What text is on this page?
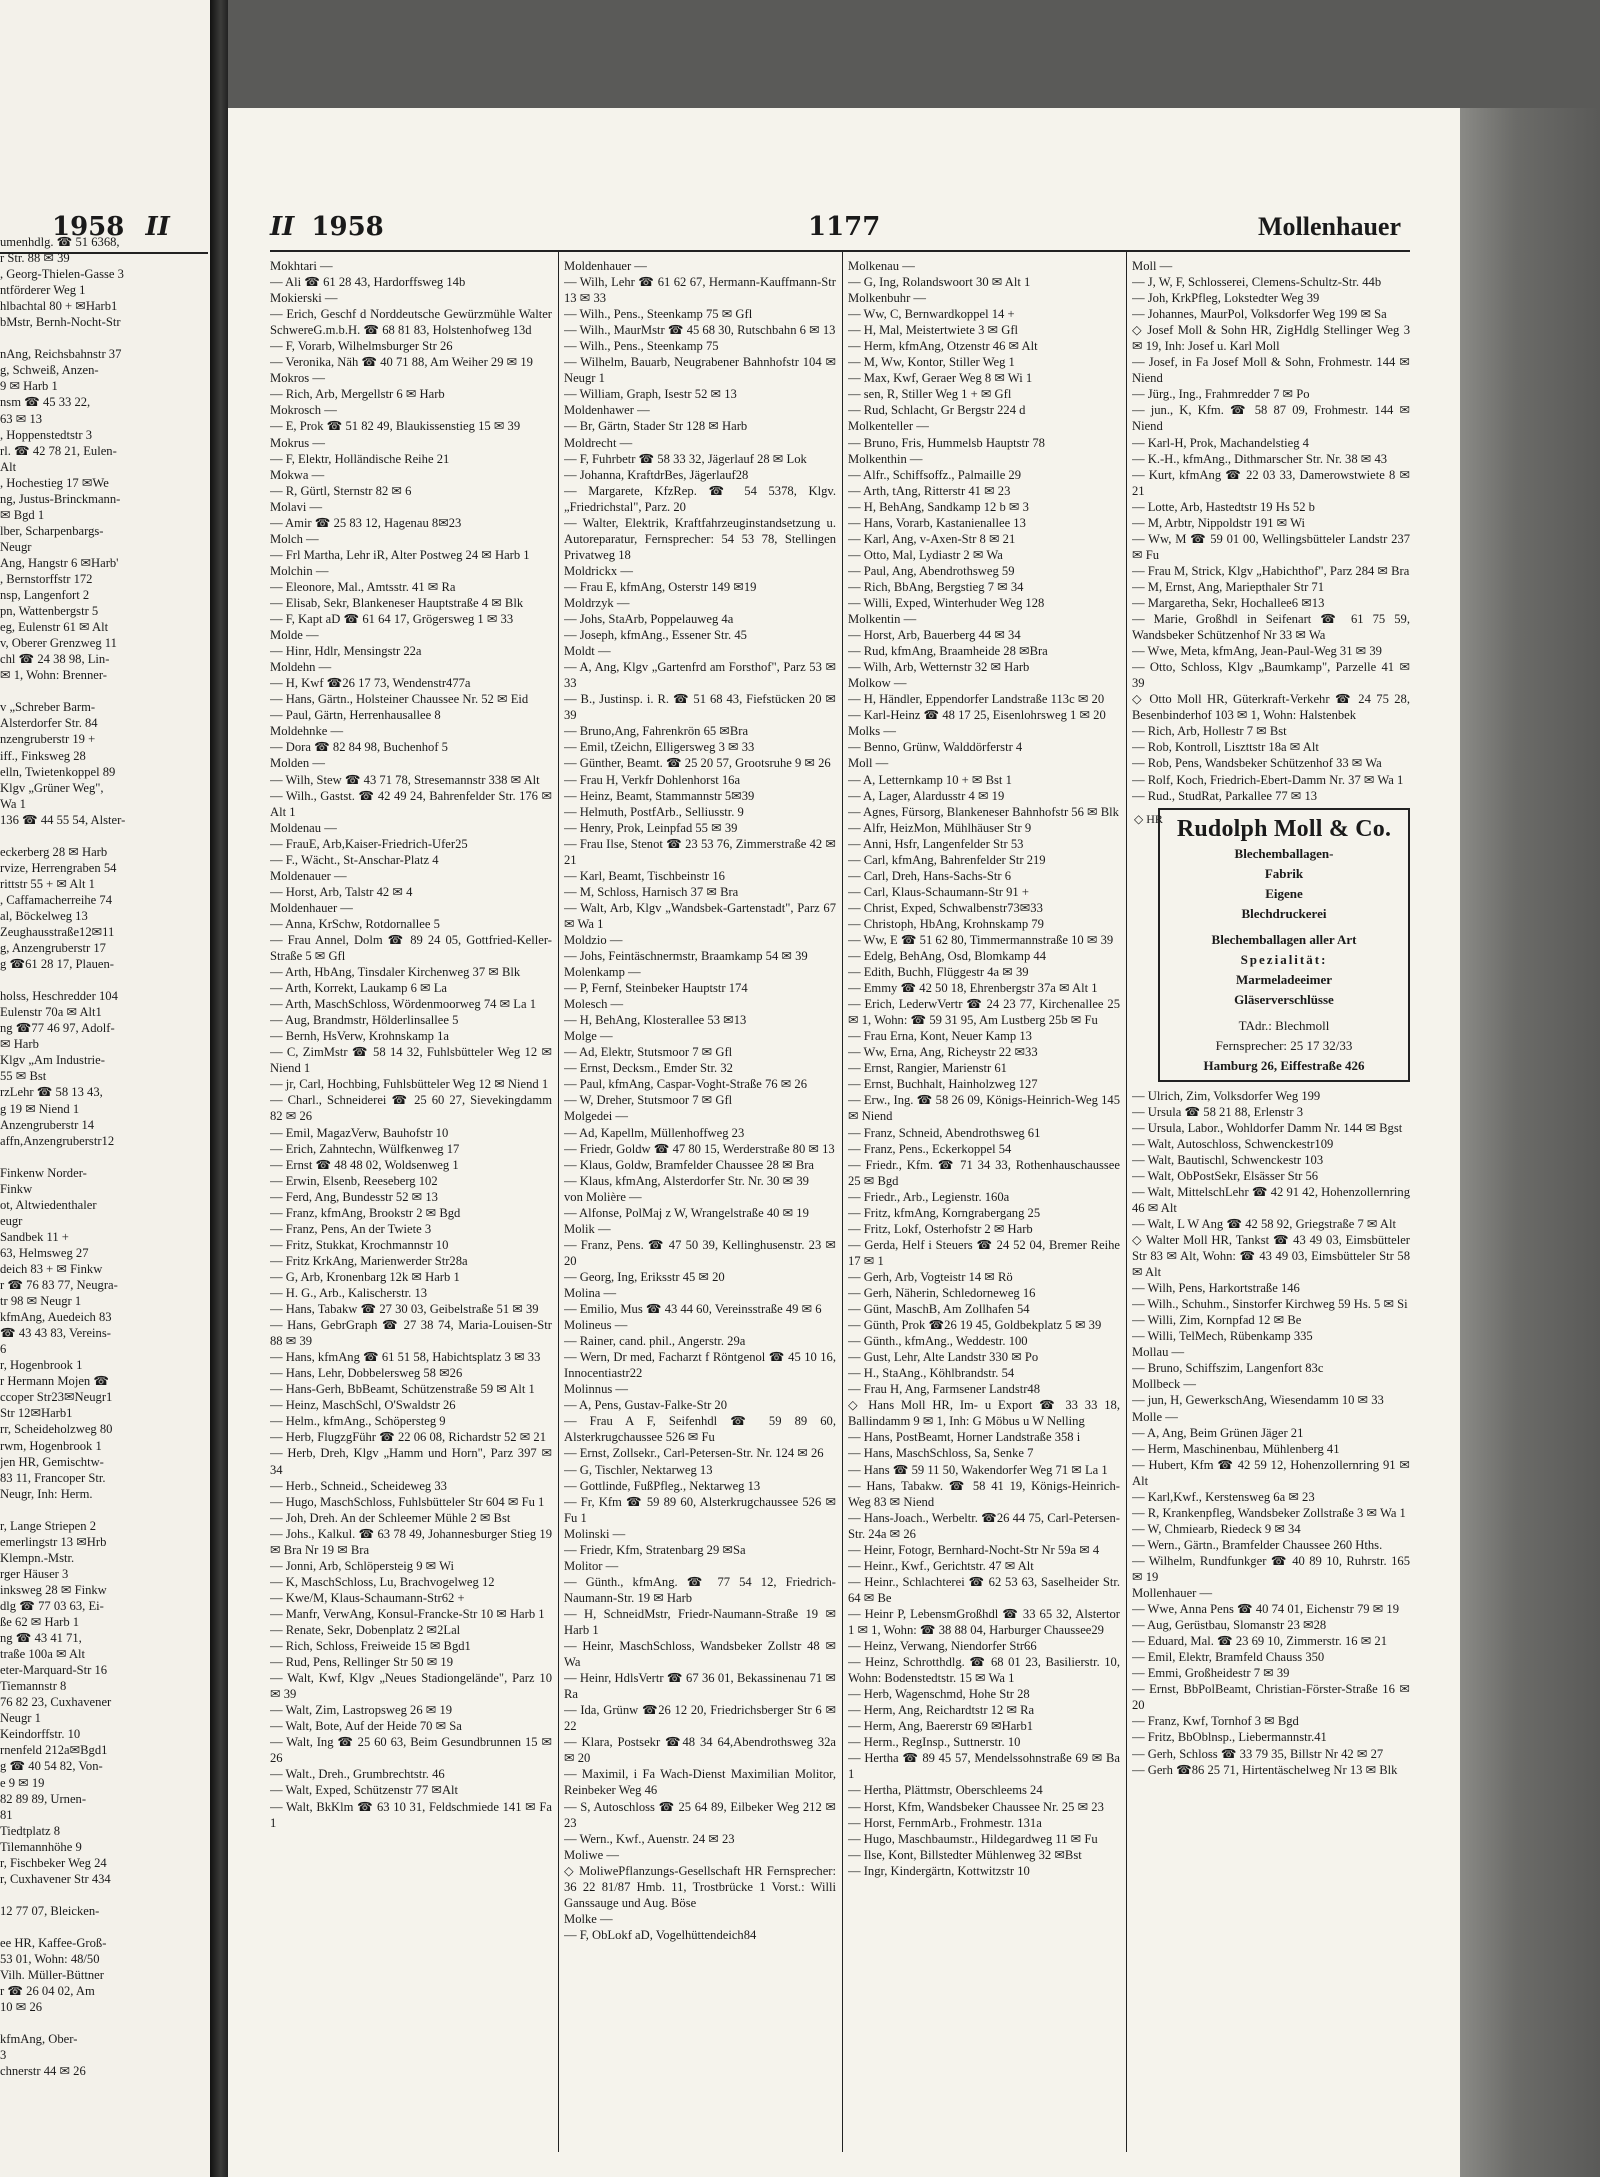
1958 II
umenhdlg. ☎ 51 6368,
r Str. 88 ✉ 39
, Georg-Thielen-Gasse 3
ntförderer Weg 1
hlbachtal 80 + ✉Harb1
bMstr, Bernh-Nocht-Str

nAng, Reichsbahnstr 37
g, Schweiß, Anzen-
9 ✉ Harb 1
nsm ☎ 45 33 22,
63 ✉ 13
, Hoppenstedtstr 3
rl. ☎ 42 78 21, Eulen-
Alt
, Hochestieg 17 ✉We
ng, Justus-Brinckmann-
✉ Bgd 1
lber, Scharpenbargs-
Neugr
Ang, Hangstr 6 ✉Harb'
, Bernstorffstr 172
nsp, Langenfort 2
pn, Wattenbergstr 5
eg, Eulenstr 61 ✉ Alt
v, Oberer Grenzweg 11
chl ☎ 24 38 98, Lin-
✉ 1, Wohn: Brenner-

v „Schreber Barm-
Alsterdorfer Str. 84
nzengruberstr 19 +
iff., Finksweg 28
elln, Twietenkoppel 89
Klgv „Grüner Weg",
Wa 1
136 ☎ 44 55 54, Alster-

eckerberg 28 ✉ Harb
rvize, Herrengraben 54
rittstr 55 + ✉ Alt 1
, Caffamacherreihe 74
al, Böckelweg 13
Zeughausstraße12✉11
g, Anzengruberstr 17
g ☎61 28 17, Plauen-

holss, Heschredder 104
Eulenstr 70a ✉ Alt1
ng ☎77 46 97, Adolf-
✉ Harb
Klgv „Am Industrie-
55 ✉ Bst
rzLehr ☎ 58 13 43,
g 19 ✉ Niend 1
Anzengruberstr 14
affn,Anzengruberstr12

Finkenw Norder-
Finkw
ot, Altwiedenthaler
eugr
Sandbek 11 +
63, Helmsweg 27
deich 83 + ✉ Finkw
r ☎ 76 83 77, Neugra-
tr 98 ✉ Neugr 1
kfmAng, Auedeich 83
☎ 43 43 83, Vereins-
6
r, Hogenbrook 1
r Hermann Mojen ☎
ccoper Str23✉Neugr1
Str 12✉Harb1
rr, Scheideholzweg 80
rwm, Hogenbrook 1
jen HR, Gemischtw-
83 11, Francoper Str.
Neugr, Inh: Herm.

r, Lange Striepen 2
emerlingstr 13 ✉Hrb
Klempn.-Mstr.
rger Häuser 3
inksweg 28 ✉ Finkw
dlg ☎ 77 03 63, Ei-
ße 62 ✉ Harb 1
ng ☎ 43 41 71,
traße 100a ✉ Alt
eter-Marquard-Str 16
Tiemannstr 8
76 82 23, Cuxhavener
Neugr 1
Keindorffstr. 10
rnenfeld 212a✉Bgd1
g ☎ 40 54 82, Von-
e 9 ✉ 19
82 89 89, Urnen-
81
Tiedtplatz 8
Tilemannhöhe 9
r, Fischbeker Weg 24
r, Cuxhavener Str 434

12 77 07, Bleicken-

ee HR, Kaffee-Groß-
53 01, Wohn: 48/50
Vilh. Müller-Büttner
r ☎ 26 04 02, Am
10 ✉ 26

kfmAng, Ober-
3
chnerstr 44 ✉ 26
II 1958	1177	Mollenhauer
Mokhtari —
— Ali ☎ 61 28 43, Hardorffsweg 14b
Mokierski —
— Erich, Geschf d Norddeutsche Gewürzmühle Walter SchwereG.m.b.H. ☎ 68 81 83, Holstenhofweg 13d
— F, Vorarb, Wilhelmsburger Str 26
— Veronika, Näh ☎ 40 71 88, Am Weiher 29 ✉ 19
Mokros —
— Rich, Arb, Mergellstr 6 ✉ Harb
Mokrosch —
— E, Prok ☎ 51 82 49, Blaukissenstieg 15 ✉ 39
Mokrus —
— F, Elektr, Holländische Reihe 21
Mokwa —
— R, Gürtl, Sternstr 82 ✉ 6
Molavi —
— Amir ☎ 25 83 12, Hagenau 8✉23
Molch —
— Frl Martha, Lehr iR, Alter Postweg 24 ✉ Harb 1
Molchin —
— Eleonore, Mal., Amtsstr. 41 ✉ Ra
— Elisab, Sekr, Blankeneser Hauptstraße 4 ✉ Blk
— F, Kapt aD ☎ 61 64 17, Grögersweg 1 ✉ 33
Molde —
— Hinr, Hdlr, Mensingstr 22a
Moldehn —
— H, Kwf ☎26 17 73, Wendenstr477a
— Hans, Gärtn., Holsteiner Chaussee Nr. 52 ✉ Eid
— Paul, Gärtn, Herrenhausallee 8
Moldehnke —
— Dora ☎ 82 84 98, Buchenhof 5
Molden —
— Wilh, Stew ☎ 43 71 78, Stresemannstr 338 ✉ Alt
— Wilh., Gastst. ☎ 42 49 24, Bahrenfelder Str. 176 ✉ Alt 1
Moldenau —
— FrauE, Arb,Kaiser-Friedrich-Ufer25
— F., Wächt., St-Anschar-Platz 4
Moldenauer —
— Horst, Arb, Talstr 42 ✉ 4
Moldenhauer —
— Anna, KrSchw, Rotdornallee 5
— Frau Annel, Dolm ☎ 89 24 05, Gottfried-Keller-Straße 5 ✉ Gfl
— Arth, HbAng, Tinsdaler Kirchenweg 37 ✉ Blk
— Arth, Korrekt, Laukamp 6 ✉ La
— Arth, MaschSchloss, Wördenmoorweg 74 ✉ La 1
— Aug, Brandmstr, Hölderlinsallee 5
— Bernh, HsVerw, Krohnskamp 1a
— C, ZimMstr ☎ 58 14 32, Fuhlsbütteler Weg 12 ✉ Niend 1
— jr, Carl, Hochbing, Fuhlsbütteler Weg 12 ✉ Niend 1
— Charl., Schneiderei ☎ 25 60 27, Sievekingdamm 82 ✉ 26
— Emil, MagazVerw, Bauhofstr 10
— Erich, Zahntechn, Wülfkenweg 17
— Ernst ☎ 48 48 02, Woldsenweg 1
— Erwin, Elsenb, Reeseberg 102
— Ferd, Ang, Bundesstr 52 ✉ 13
— Franz, kfmAng, Brookstr 2 ✉ Bgd
— Franz, Pens, An der Twiete 3
— Fritz, Stukkat, Krochmannstr 10
— Fritz KrkAng, Marienwerder Str28a
— G, Arb, Kronenbarg 12k ✉ Harb 1
— H. G., Arb., Kalischerstr. 13
— Hans, Tabakw ☎ 27 30 03, Geibelstraße 51 ✉ 39
— Hans, GebrGraph ☎ 27 38 74, Maria-Louisen-Str 88 ✉ 39
— Hans, kfmAng ☎ 61 51 58, Habichtsplatz 3 ✉ 33
— Hans, Lehr, Dobbelersweg 58 ✉26
— Hans-Gerh, BbBeamt, Schützenstraße 59 ✉ Alt 1
— Heinz, MaschSchl, O'Swaldstr 26
— Helm., kfmAng., Schöpersteg 9
— Herb, FlugzgFühr ☎ 22 06 08, Richardstr 52 ✉ 21
— Herb, Dreh, Klgv „Hamm und Horn", Parz 397 ✉ 34
— Herb., Schneid., Scheideweg 33
— Hugo, MaschSchloss, Fuhlsbütteler Str 604 ✉ Fu 1
— Joh, Dreh. An der Schleemer Mühle 2 ✉ Bst
— Johs., Kalkul. ☎ 63 78 49, Johannesburger Stieg 19 ✉ Bra Nr 19 ✉ Bra
— Jonni, Arb, Schlöpersteig 9 ✉ Wi
— K, MaschSchloss, Lu, Brachvogelweg 12
— Kwe/M, Klaus-Schaumann-Str62 +
— Manfr, VerwAng, Konsul-Francke-Str 10 ✉ Harb 1
— Renate, Sekr, Dobenplatz 2 ✉2Lal
— Rich, Schloss, Freiweide 15 ✉ Bgd1
— Rud, Pens, Rellinger Str 50 ✉ 19
— Walt, Kwf, Klgv „Neues Stadiongelände", Parz 10 ✉ 39
— Walt, Zim, Lastropsweg 26 ✉ 19
— Walt, Bote, Auf der Heide 70 ✉ Sa
— Walt, Ing ☎ 25 60 63, Beim Gesundbrunnen 15 ✉ 26
— Walt., Dreh., Grumbrechtstr. 46
— Walt, Exped, Schützenstr 77 ✉Alt
— Walt, BkKlm ☎ 63 10 31, Feldschmiede 141 ✉ Fa 1
Moldenhauer —
— Wilh, Lehr ☎ 61 62 67, Hermann-Kauffmann-Str 13 ✉ 33
— Wilh., Pens., Steenkamp 75 ✉ Gfl
— Wilh., MaurMstr ☎ 45 68 30, Rutschbahn 6 ✉ 13
— Wilh., Pens., Steenkamp 75
— Wilhelm, Bauarb, Neugrabener Bahnhofstr 104 ✉ Neugr 1
— William, Graph, Isestr 52 ✉ 13
Moldenhawer —
— Br, Gärtn, Stader Str 128 ✉ Harb
Moldrecht —
— F, Fuhrbetr ☎ 58 33 32, Jägerlauf 28 ✉ Lok
— Johanna, KraftdrBes, Jägerlauf28
— Margarete, KfzRep. ☎ 54 5378, Klgv. „Friedrichstal", Parz. 20
— Walter, Elektrik, Kraftfahrzeuginstandsetzung u. Autoreparatur, Fernsprecher: 54 53 78, Stellingen Privatweg 18
Moldrickx —
— Frau E, kfmAng, Osterstr 149 ✉19
Moldrzyk —
— Johs, StaArb, Poppelauweg 4a
— Joseph, kfmAng., Essener Str. 45
Moldt —
— A, Ang, Klgv „Gartenfrd am Forsthof", Parz 53 ✉ 33
— B., Justinsp. i. R. ☎ 51 68 43, Fiefstücken 20 ✉ 39
— Bruno,Ang, Fahrenkrön 65 ✉Bra
— Emil, tZeichn, Elligersweg 3 ✉ 33
— Günther, Beamt. ☎ 25 20 57, Grootsruhe 9 ✉ 26
— Frau H, Verkfr Dohlenhorst 16a
— Heinz, Beamt, Stammannstr 5✉39
— Helmuth, PostfArb., Selliusstr. 9
— Henry, Prok, Leinpfad 55 ✉ 39
— Frau Ilse, Stenot ☎ 23 53 76, Zimmerstraße 42 ✉21
— Karl, Beamt, Tischbeinstr 16
— M, Schloss, Harnisch 37 ✉ Bra
— Walt, Arb, Klgv „Wandsbek-Gartenstadt", Parz 67 ✉ Wa 1
Moldzio —
— Johs, Feintäschnermstr, Braamkamp 54 ✉ 39
Molenkamp —
— P, Fernf, Steinbeker Hauptstr 174
Molesch —
— H, BehAng, Klosterallee 53 ✉13
Molge —
— Ad, Elektr, Stutsmoor 7 ✉ Gfl
— Ernst, Decksm., Emder Str. 32
— Paul, kfmAng, Caspar-Voght-Straße 76 ✉ 26
— W, Dreher, Stutsmoor 7 ✉ Gfl
Molgedei —
— Ad, Kapellm, Müllenhoffweg 23
— Friedr, Goldw ☎ 47 80 15, Werderstraße 80 ✉ 13
— Klaus, Goldw, Bramfelder Chaussee 28 ✉ Bra
— Klaus, kfmAng, Alsterdorfer Str. Nr. 30 ✉ 39
von Molière —
— Alfonse, PolMaj z W, Wrangelstraße 40 ✉ 19
Molik —
— Franz, Pens. ☎ 47 50 39, Kellinghusenstr. 23 ✉ 20
— Georg, Ing, Eriksstr 45 ✉ 20
Molina —
— Emilio, Mus ☎ 43 44 60, Vereinsstraße 49 ✉ 6
Molineus —
— Rainer, cand. phil., Angerstr. 29a
— Wern, Dr med, Facharzt f Röntgenol ☎ 45 10 16, Innocentiastr22
Molinnus —
— A, Pens, Gustav-Falke-Str 20
— Frau A F, Seifenhdl ☎ 59 89 60, Alsterkrugchaussee 526 ✉ Fu
— Ernst, Zollsekr., Carl-Petersen-Str. Nr. 124 ✉ 26
— G, Tischler, Nektarweg 13
— Gottlinde, FußPfleg., Nektarweg 13
— Fr, Kfm ☎ 59 89 60, Alsterkrugchaussee 526 ✉ Fu 1
Molinski —
— Friedr, Kfm, Stratenbarg 29 ✉Sa
Molitor —
— Günth., kfmAng. ☎ 77 54 12, Friedrich-Naumann-Str. 19 ✉ Harb
— H, SchneidMstr, Friedr-Naumann-Straße 19 ✉ Harb 1
— Heinr, MaschSchloss, Wandsbeker Zollstr 48 ✉ Wa
— Heinr, HdlsVertr ☎ 67 36 01, Bekassinenau 71 ✉ Ra
— Ida, Grünw ☎26 12 20, Friedrichsberger Str 6 ✉ 22
— Klara, Postsekr ☎48 34 64,Abendrothsweg 32a ✉ 20
— Maximil, i Fa Wach-Dienst Maximilian Molitor, Reinbeker Weg 46
— S, Autoschloss ☎ 25 64 89, Eilbeker Weg 212 ✉ 23
— Wern., Kwf., Auenstr. 24 ✉ 23
Moliwe —
◇ MoliwePflanzungs-Gesellschaft HR Fernsprecher: 36 22 81/87 Hmb. 11, Trostbrücke 1 Vorst.: Willi Ganssauge und Aug. Böse
Molke —
— F, ObLokf aD, Vogelhüttendeich84
Molkenau —
— G, Ing, Rolandswoort 30 ✉ Alt 1
Molkenbuhr —
— Ww, C, Bernwardkoppel 14 +
— H, Mal, Meistertwiete 3 ✉ Gfl
— Herm, kfmAng, Otzenstr 46 ✉ Alt
— M, Ww, Kontor, Stiller Weg 1
— Max, Kwf, Geraer Weg 8 ✉ Wi 1
— sen, R, Stiller Weg 1 + ✉ Gfl
— Rud, Schlacht, Gr Bergstr 224 d
Molkenteller —
— Bruno, Fris, Hummelsb Hauptstr 78
Molkenthin —
— Alfr., Schiffsoffz., Palmaille 29
— Arth, tAng, Ritterstr 41 ✉ 23
— H, BehAng, Sandkamp 12 b ✉ 3
— Hans, Vorarb, Kastanienallee 13
— Karl, Ang, v-Axen-Str 8 ✉ 21
— Otto, Mal, Lydiastr 2 ✉ Wa
— Paul, Ang, Abendrothsweg 59
— Rich, BbAng, Bergstieg 7 ✉ 34
— Willi, Exped, Winterhuder Weg 128
Molkentin —
— Horst, Arb, Bauerberg 44 ✉ 34
— Rud, kfmAng, Braamheide 28 ✉Bra
— Wilh, Arb, Wetternstr 32 ✉ Harb
Molkow —
— H, Händler, Eppendorfer Landstraße 113c ✉ 20
— Karl-Heinz ☎ 48 17 25, Eisenlohrsweg 1 ✉ 20
Molks —
— Benno, Grünw, Walddörferstr 4
Moll —
— A, Letternkamp 10 + ✉ Bst 1
— A, Lager, Alardusstr 4 ✉ 19
— Agnes, Fürsorg, Blankeneser Bahnhofstr 56 ✉ Blk
— Alfr, HeizMon, Mühlhäuser Str 9
— Anni, Hsfr, Langenfelder Str 53
— Carl, kfmAng, Bahrenfelder Str 219
— Carl, Dreh, Hans-Sachs-Str 6
— Carl, Klaus-Schaumann-Str 91 +
— Christ, Exped, Schwalbenstr73✉33
— Christoph, HbAng, Krohnskamp 79
— Ww, E ☎ 51 62 80, Timmermannstraße 10 ✉ 39
— Edelg, BehAng, Osd, Blomkamp 44
— Edith, Buchh, Flüggestr 4a ✉ 39
— Emmy ☎ 42 50 18, Ehrenbergstr 37a ✉ Alt 1
— Erich, LederwVertr ☎ 24 23 77, Kirchenallee 25 ✉ 1, Wohn: ☎ 59 31 95, Am Lustberg 25b ✉ Fu
— Frau Erna, Kont, Neuer Kamp 13
— Ww, Erna, Ang, Richeystr 22 ✉33
— Ernst, Rangier, Marienstr 61
— Ernst, Buchhalt, Hainholzweg 127
— Erw., Ing. ☎ 58 26 09, Königs-Heinrich-Weg 145 ✉ Niend
— Franz, Schneid, Abendrothsweg 61
— Franz, Pens., Eckerkoppel 54
— Friedr., Kfm. ☎ 71 34 33, Rothenhauschaussee 25 ✉ Bgd
— Friedr., Arb., Legienstr. 160a
— Fritz, kfmAng, Korngrabergang 25
— Fritz, Lokf, Osterhofstr 2 ✉ Harb
— Gerda, Helf i Steuers ☎ 24 52 04, Bremer Reihe 17 ✉ 1
— Gerh, Arb, Vogteistr 14 ✉ Rö
— Gerh, Näherin, Schledorneweg 16
— Günt, MaschB, Am Zollhafen 54
— Günth, Prok ☎26 19 45, Goldbekplatz 5 ✉ 39
— Günth., kfmAng., Weddestr. 100
— Gust, Lehr, Alte Landstr 330 ✉ Po
— H., StaAng., Köhlbrandstr. 54
— Frau H, Ang, Farmsener Landstr48
◇ Hans Moll HR, Im- u Export ☎ 33 33 18, Ballindamm 9 ✉ 1, Inh: G Möbus u W Nelling
— Hans, PostBeamt, Horner Landstraße 358 i
— Hans, MaschSchloss, Sa, Senke 7
— Hans ☎ 59 11 50, Wakendorfer Weg 71 ✉ La 1
— Hans, Tabakw. ☎ 58 41 19, Königs-Heinrich-Weg 83 ✉ Niend
— Hans-Joach., Werbeltr. ☎26 44 75, Carl-Petersen-Str. 24a ✉ 26
— Heinr, Fotogr, Bernhard-Nocht-Str Nr 59a ✉ 4
— Heinr., Kwf., Gerichtstr. 47 ✉ Alt
— Heinr., Schlachterei ☎ 62 53 63, Saselheider Str. 64 ✉ Be
— Heinr P, LebensmGroßhdl ☎ 33 65 32, Alstertor 1 ✉ 1, Wohn: ☎ 38 88 04, Harburger Chaussee29
— Heinz, Verwang, Niendorfer Str66
— Heinz, Schrotthdlg. ☎ 68 01 23, Basilierstr. 10, Wohn: Bodenstedtstr. 15 ✉ Wa 1
— Herb, Wagenschmd, Hohe Str 28
— Herm, Ang, Reichardtstr 12 ✉ Ra
— Herm, Ang, Baererstr 69 ✉Harb1
— Herm., RegInsp., Suttnerstr. 10
— Hertha ☎ 89 45 57, Mendelssohnstraße 69 ✉ Ba 1
— Hertha, Plättmstr, Oberschleems 24
— Horst, Kfm, Wandsbeker Chaussee Nr. 25 ✉ 23
— Horst, FernmArb., Frohmestr. 131a
— Hugo, Maschbaumstr., Hildegardweg 11 ✉ Fu
— Ilse, Kont, Billstedter Mühlenweg 32 ✉Bst
— Ingr, Kindergärtn, Kottwitzstr 10
Moll —
— J, W, F, Schlosserei, Clemens-Schultz-Str. 44b
— Joh, KrkPfleg, Lokstedter Weg 39
— Johannes, MaurPol, Volksdorfer Weg 199 ✉ Sa
◇ Josef Moll & Sohn HR, ZigHdlg Stellinger Weg 3 ✉ 19, Inh: Josef u. Karl Moll
— Josef, in Fa Josef Moll & Sohn, Frohmestr. 144 ✉ Niend
— Jürg., Ing., Frahmredder 7 ✉ Po
— jun., K, Kfm. ☎ 58 87 09, Frohmestr. 144 ✉ Niend
— Karl-H, Prok, Machandelstieg 4
— K.-H., kfmAng., Dithmarscher Str. Nr. 38 ✉ 43
— Kurt, kfmAng ☎ 22 03 33, Damerowstwiete 8 ✉ 21
— Lotte, Arb, Hastedtstr 19 Hs 52 b
— M, Arbtr, Nippoldstr 191 ✉ Wi
— Ww, M ☎ 59 01 00, Wellingsbütteler Landstr 237 ✉ Fu
— Frau M, Strick, Klgv „Habichthof", Parz 284 ✉ Bra
— M, Ernst, Ang, Mariepthaler Str 71
— Margaretha, Sekr, Hochallee6 ✉13
— Marie, Großhdl in Seifenart ☎ 61 75 59, Wandsbeker Schützenhof Nr 33 ✉ Wa
— Wwe, Meta, kfmAng, Jean-Paul-Weg 31 ✉ 39
— Otto, Schloss, Klgv „Baumkamp", Parzelle 41 ✉ 39
◇ Otto Moll HR, Güterkraft-Verkehr ☎ 24 75 28, Besenbinderhof 103 ✉ 1, Wohn: Halstenbek
— Rich, Arb, Hollestr 7 ✉ Bst
— Rob, Kontroll, Liszttstr 18a ✉ Alt
— Rob, Pens, Wandsbeker Schützenhof 33 ✉ Wa
— Rolf, Koch, Friedrich-Ebert-Damm Nr. 37 ✉ Wa 1
— Rud., StudRat, Parkallee 77 ✉ 13
◇ HR Rudolph Moll & Co.
Blechemballagen-
Fabrik
Eigene
Blechdruckerei
Blechemballagen aller Art
Spezialität:
Marmeladeeimer
Gläserverschlüsse
TAdr.: Blechmoll
Fernsprecher: 25 17 32/33
Hamburg 26, Eiffestraße 426
— Ulrich, Zim, Volksdorfer Weg 199
— Ursula ☎ 58 21 88, Erlenstr 3
— Ursula, Labor., Wohldorfer Damm Nr. 144 ✉ Bgst
— Walt, Autoschloss, Schwenckestr109
— Walt, Bautischl, Schwenckestr 103
— Walt, ObPostSekr, Elsässer Str 56
— Walt, MittelschLehr ☎ 42 91 42, Hohenzollernring 46 ✉ Alt
— Walt, L W Ang ☎ 42 58 92, Griegstraße 7 ✉ Alt
◇ Walter Moll HR, Tankst ☎ 43 49 03, Eimsbütteler Str 83 ✉ Alt, Wohn: ☎ 43 49 03, Eimsbütteler Str 58 ✉ Alt
— Wilh, Pens, Harkortstraße 146
— Wilh., Schuhm., Sinstorfer Kirchweg 59 Hs. 5 ✉ Si
— Willi, Zim, Kornpfad 12 ✉ Be
— Willi, TelMech, Rübenkamp 335
Mollau —
— Bruno, Schiffszim, Langenfort 83c
Mollbeck —
— jun, H, GewerkschAng, Wiesendamm 10 ✉ 33
Molle —
— A, Ang, Beim Grünen Jäger 21
— Herm, Maschinenbau, Mühlenberg 41
— Hubert, Kfm ☎ 42 59 12, Hohenzollernring 91 ✉ Alt
— Karl,Kwf., Kerstensweg 6a ✉ 23
— R, Krankenpfleg, Wandsbeker Zollstraße 3 ✉ Wa 1
— W, Chmiearb, Riedeck 9 ✉ 34
— Wern., Gärtn., Bramfelder Chaussee 260 Hths.
— Wilhelm, Rundfunkger ☎ 40 89 10, Ruhrstr. 165 ✉ 19
Mollenhauer —
— Wwe, Anna Pens ☎ 40 74 01, Eichenstr 79 ✉ 19
— Aug, Gerüstbau, Slomanstr 23 ✉28
— Eduard, Mal. ☎ 23 69 10, Zimmerstr. 16 ✉ 21
— Emil, Elektr, Bramfeld Chauss 350
— Emmi, Großheidestr 7 ✉ 39
— Ernst, BbPolBeamt, Christian-Förster-Straße 16 ✉ 20
— Franz, Kwf, Tornhof 3 ✉ Bgd
— Fritz, BbOblnsp., Liebermannstr.41
— Gerh, Schloss ☎ 33 79 35, Billstr Nr 42 ✉ 27
— Gerh ☎86 25 71, Hirtentäschelweg Nr 13 ✉ Blk
